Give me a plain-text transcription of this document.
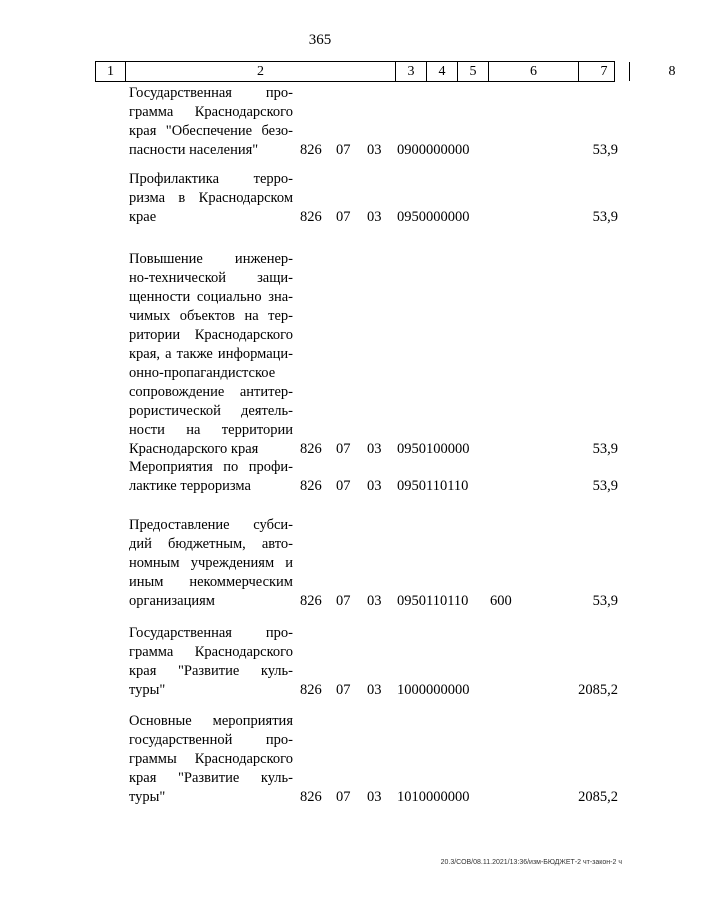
365
1	2	3	4	5	6	7	8
Государственная про-
грамма Краснодарского
края "Обеспечение безо-
пасности населения"	826 07 03 0900000000	53,9
Профилактика терро-
ризма в Краснодарском
крае	826 07 03 0950000000	53,9
Повышение инженер-
но-технической защи-
щенности социально зна-
чимых объектов на тер-
ритории Краснодарского
края, а также информаци-
онно-пропагандистское
сопровождение антитер-
рористической деятель-
ности на территории
Краснодарского края	826 07 03 0950100000	53,9
Мероприятия по профи-
лактике терроризма	826 07 03 0950110110	53,9
Предоставление субси-
дий бюджетным, авто-
номным учреждениям и
иным некоммерческим
организациям	826 07 03 0950110110 600	53,9
Государственная про-
грамма Краснодарского
края "Развитие куль-
туры"	826 07 03 1000000000	2085,2
Основные мероприятия
государственной про-
граммы Краснодарского
края "Развитие куль-
туры"	826 07 03 1010000000	2085,2
20.3/СОВ/08.11.2021/13:36/изм-БЮДЖЕТ-2 чт-закон-2 ч
